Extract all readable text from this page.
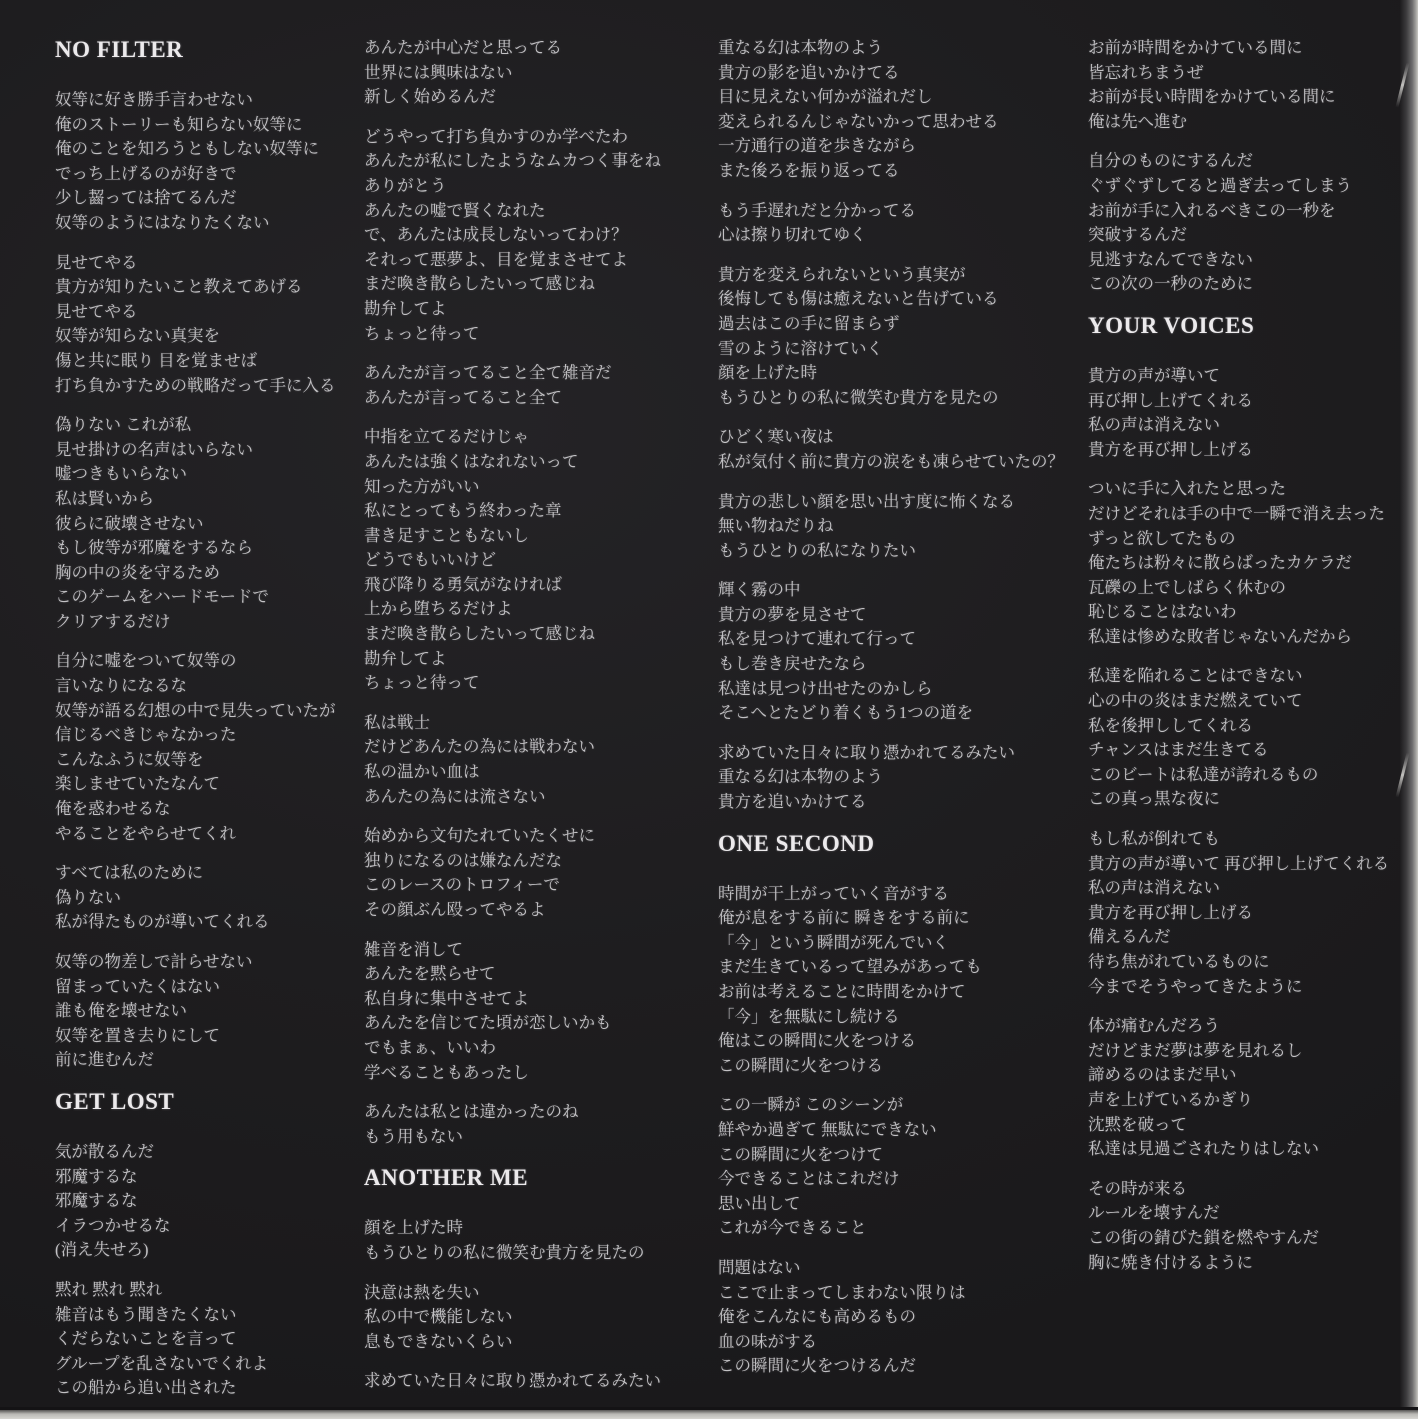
NO FILTER
奴等に好き勝手言わせない
俺のストーリーも知らない奴等に
俺のことを知ろうともしない奴等に
でっち上げるのが好きで
少し齧っては捨てるんだ
奴等のようにはなりたくない
見せてやる
貴方が知りたいこと教えてあげる
見せてやる
奴等が知らない真実を
傷と共に眠り 目を覚ませば
打ち負かすための戦略だって手に入る
偽りない これが私
見せ掛けの名声はいらない
嘘つきもいらない
私は賢いから
彼らに破壊させない
もし彼等が邪魔をするなら
胸の中の炎を守るため
このゲームをハードモードで
クリアするだけ
自分に嘘をついて奴等の
言いなりになるな
奴等が語る幻想の中で見失っていたが
信じるべきじゃなかった
こんなふうに奴等を
楽しませていたなんて
俺を惑わせるな
やることをやらせてくれ
すべては私のために
偽りない
私が得たものが導いてくれる
奴等の物差しで計らせない
留まっていたくはない
誰も俺を壊せない
奴等を置き去りにして
前に進むんだ
GET LOST
気が散るんだ
邪魔するな
邪魔するな
イラつかせるな
(消え失せろ)
黙れ 黙れ 黙れ
雑音はもう聞きたくない
くだらないことを言って
グループを乱さないでくれよ
この船から追い出された
あんたが中心だと思ってる
世界には興味はない
新しく始めるんだ
どうやって打ち負かすのか学べたわ
あんたが私にしたようなムカつく事をね
ありがとう
あんたの嘘で賢くなれた
で、あんたは成長しないってわけ？
それって悪夢よ、目を覚まさせてよ
まだ喚き散らしたいって感じね
勘弁してよ
ちょっと待って
あんたが言ってること全て雑音だ
あんたが言ってること全て
中指を立てるだけじゃ
あんたは強くはなれないって
知った方がいい
私にとってもう終わった章
書き足すこともないし
どうでもいいけど
飛び降りる勇気がなければ
上から堕ちるだけよ
まだ喚き散らしたいって感じね
勘弁してよ
ちょっと待って
私は戦士
だけどあんたの為には戦わない
私の温かい血は
あんたの為には流さない
始めから文句たれていたくせに
独りになるのは嫌なんだな
このレースのトロフィーで
その顔ぶん殴ってやるよ
雑音を消して
あんたを黙らせて
私自身に集中させてよ
あんたを信じてた頃が恋しいかも
でもまぁ、いいわ
学べることもあったし
あんたは私とは違かったのね
もう用もない
ANOTHER ME
顔を上げた時
もうひとりの私に微笑む貴方を見たの
決意は熱を失い
私の中で機能しない
息もできないくらい
求めていた日々に取り憑かれてるみたい
重なる幻は本物のよう
貴方の影を追いかけてる
目に見えない何かが溢れだし
変えられるんじゃないかって思わせる
一方通行の道を歩きながら
また後ろを振り返ってる
もう手遅れだと分かってる
心は擦り切れてゆく
貴方を変えられないという真実が
後悔しても傷は癒えないと告げている
過去はこの手に留まらず
雪のように溶けていく
顔を上げた時
もうひとりの私に微笑む貴方を見たの
ひどく寒い夜は
私が気付く前に貴方の涙をも凍らせていたの？
貴方の悲しい顔を思い出す度に怖くなる
無い物ねだりね
もうひとりの私になりたい
輝く霧の中
貴方の夢を見させて
私を見つけて連れて行って
もし巻き戻せたなら
私達は見つけ出せたのかしら
そこへとたどり着くもう1つの道を
求めていた日々に取り憑かれてるみたい
重なる幻は本物のよう
貴方を追いかけてる
ONE SECOND
時間が干上がっていく音がする
俺が息をする前に 瞬きをする前に
「今」という瞬間が死んでいく
まだ生きているって望みがあっても
お前は考えることに時間をかけて
「今」を無駄にし続ける
俺はこの瞬間に火をつける
この瞬間に火をつける
この一瞬が このシーンが
鮮やか過ぎて 無駄にできない
この瞬間に火をつけて
今できることはこれだけ
思い出して
これが今できること
問題はない
ここで止まってしまわない限りは
俺をこんなにも高めるもの
血の味がする
この瞬間に火をつけるんだ
お前が時間をかけている間に
皆忘れちまうぜ
お前が長い時間をかけている間に
俺は先へ進む
自分のものにするんだ
ぐずぐずしてると過ぎ去ってしまう
お前が手に入れるべきこの一秒を
突破するんだ
見逃すなんてできない
この次の一秒のために
YOUR VOICES
貴方の声が導いて
再び押し上げてくれる
私の声は消えない
貴方を再び押し上げる
ついに手に入れたと思った
だけどそれは手の中で一瞬で消え去った
ずっと欲してたもの
俺たちは粉々に散らばったカケラだ
瓦礫の上でしばらく休むの
恥じることはないわ
私達は惨めな敗者じゃないんだから
私達を陥れることはできない
心の中の炎はまだ燃えていて
私を後押ししてくれる
チャンスはまだ生きてる
このビートは私達が誇れるもの
この真っ黒な夜に
もし私が倒れても
貴方の声が導いて 再び押し上げてくれる
私の声は消えない
貴方を再び押し上げる
備えるんだ
待ち焦がれているものに
今までそうやってきたように
体が痛むんだろう
だけどまだ夢は夢を見れるし
諦めるのはまだ早い
声を上げているかぎり
沈黙を破って
私達は見過ごされたりはしない
その時が来る
ルールを壊すんだ
この街の錆びた鎖を燃やすんだ
胸に焼き付けるように
